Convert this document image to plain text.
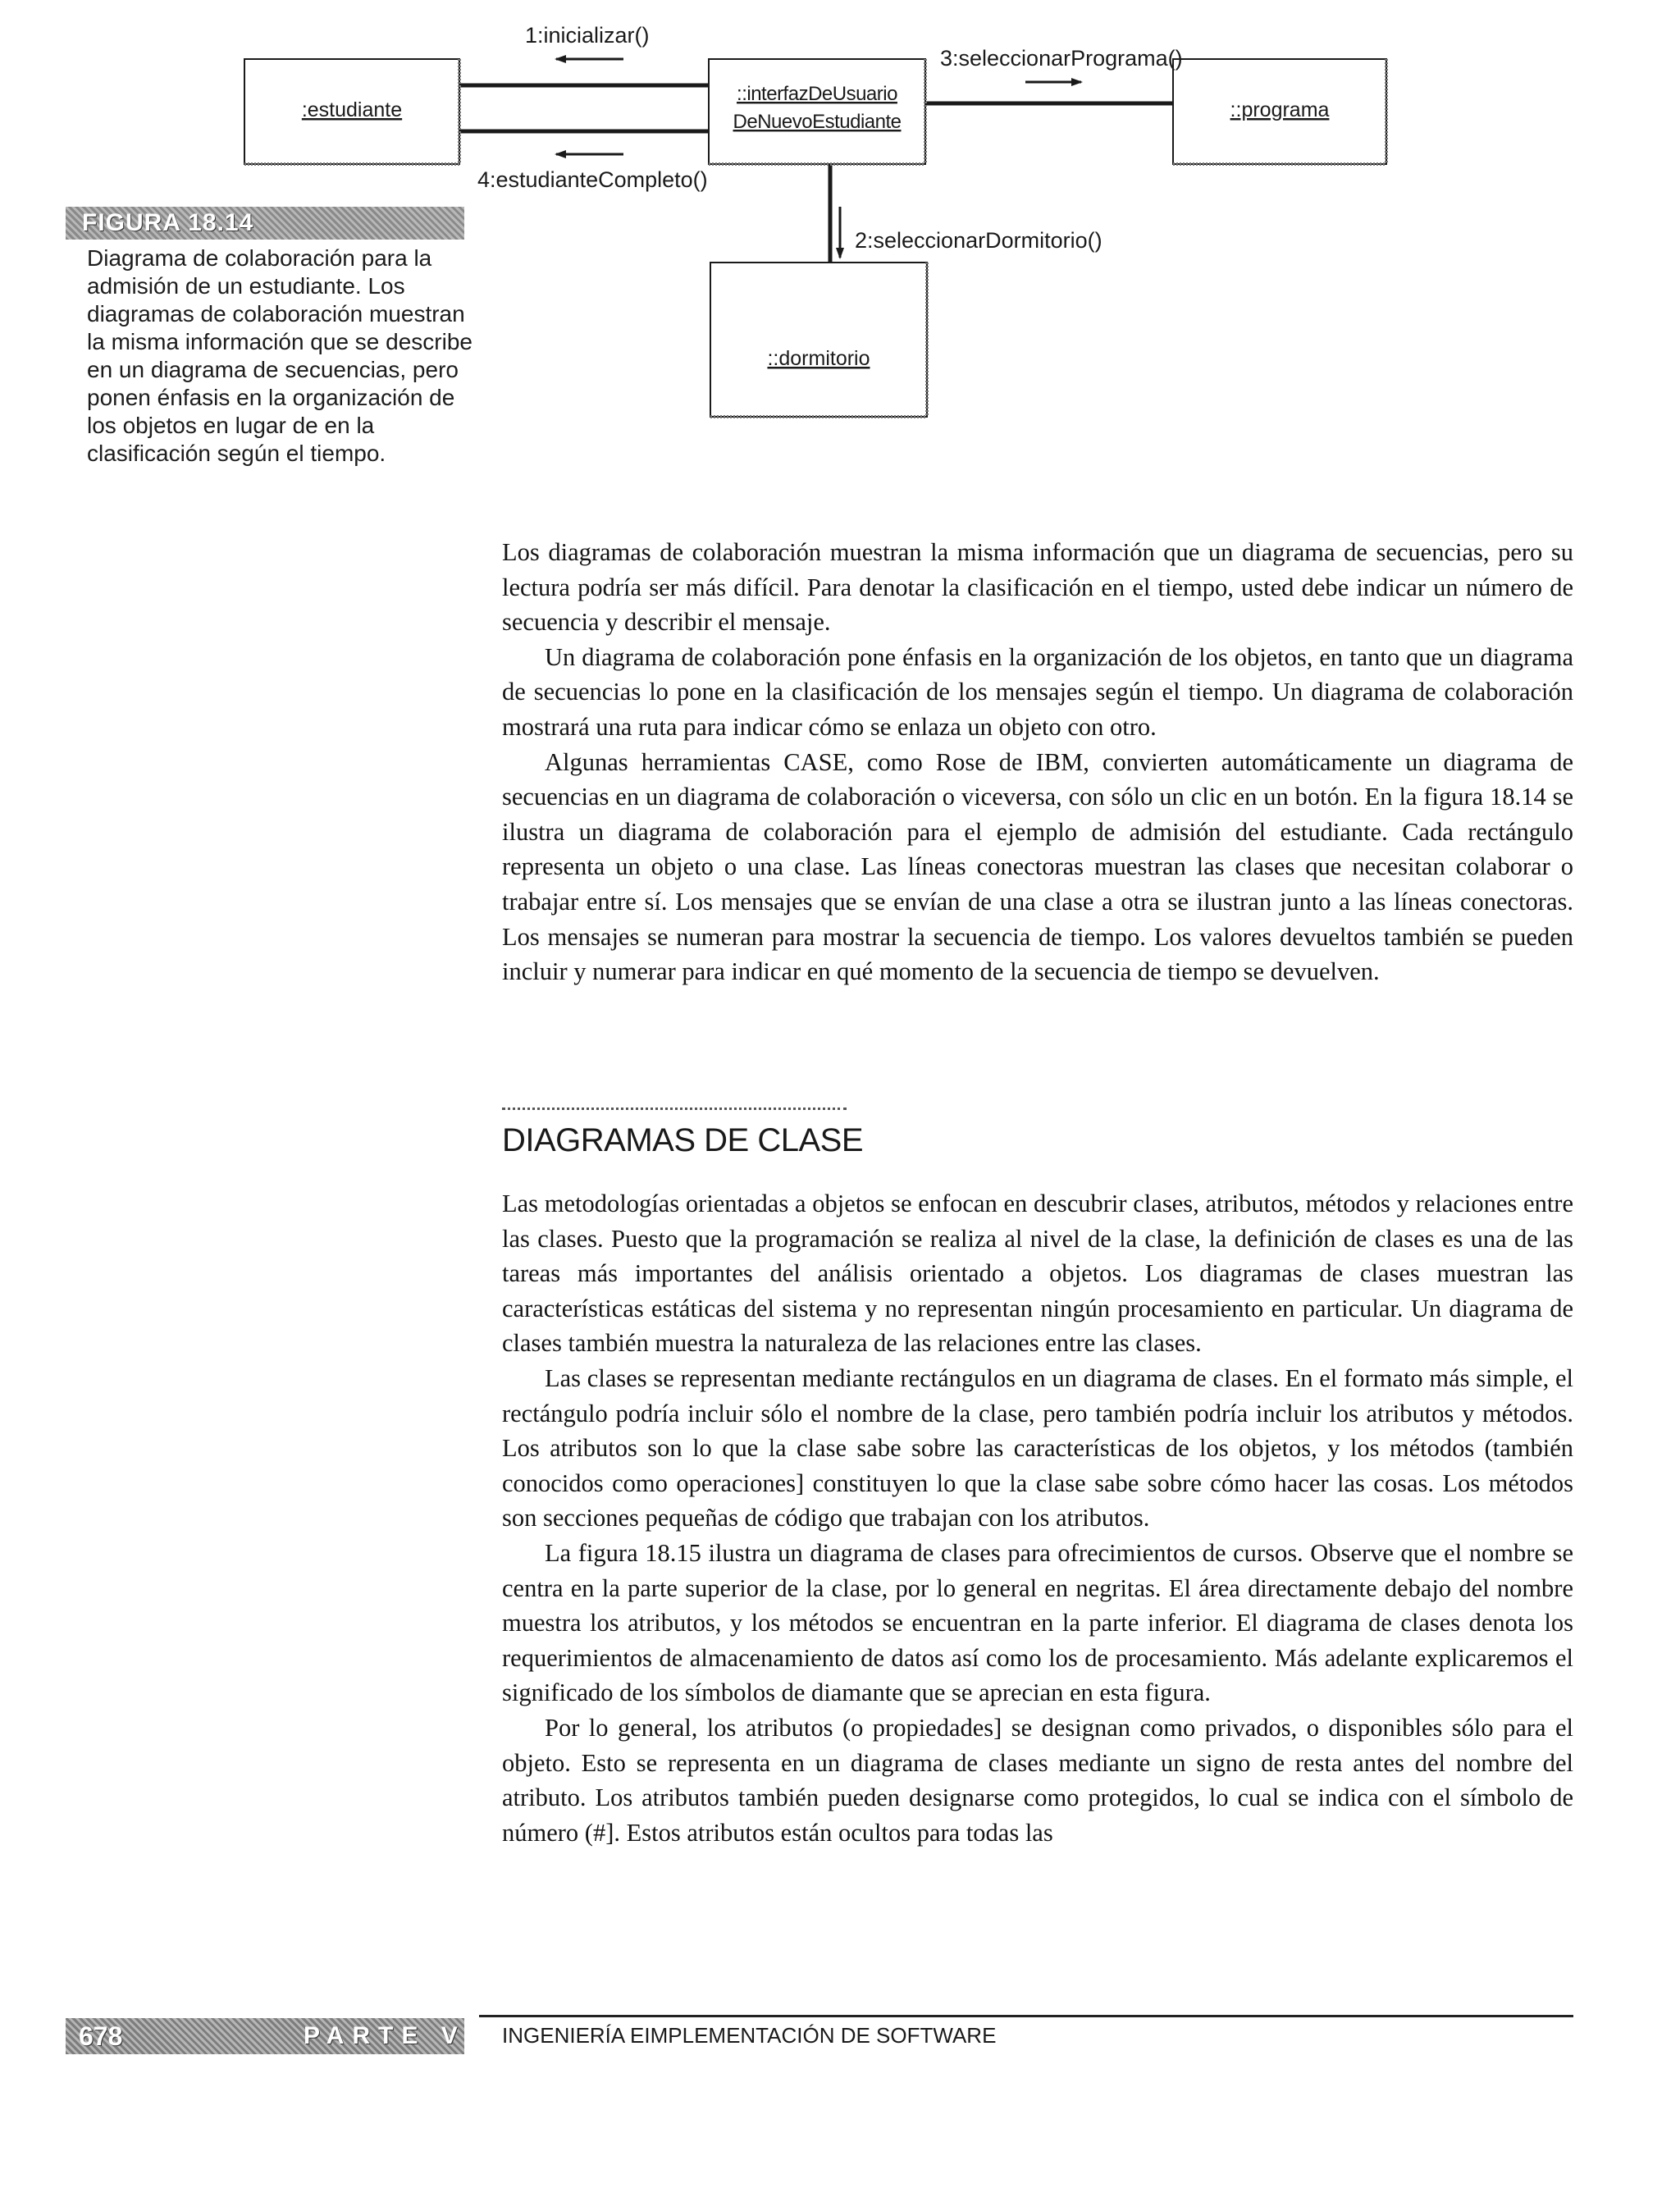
:estudiante
::interfazDeUsuario
DeNuevoEstudiante
::programa
::dormitorio
1:inicializar()
4:estudianteCompleto()
3:seleccionarPrograma()
2:seleccionarDormitorio()
FIGURA 18.14
Diagrama de colaboración para la admisión de un estudiante. Los diagramas de colaboración muestran la misma información que se describe en un diagrama de secuencias, pero ponen énfasis en la organización de los objetos en lugar de en la clasificación según el tiempo.

Los diagramas de colaboración muestran la misma información que un diagrama de secuencias, pero su lectura podría ser más difícil. Para denotar la clasificación en el tiempo, usted debe indicar un número de secuencia y describir el mensaje.

Un diagrama de colaboración pone énfasis en la organización de los objetos, en tanto que un diagrama de secuencias lo pone en la clasificación de los mensajes según el tiempo. Un diagrama de colaboración mostrará una ruta para indicar cómo se enlaza un objeto con otro.

Algunas herramientas CASE, como Rose de IBM, convierten automáticamente un diagrama de secuencias en un diagrama de colaboración o viceversa, con sólo un clic en un botón. En la figura 18.14 se ilustra un diagrama de colaboración para el ejemplo de admisión del estudiante. Cada rectángulo representa un objeto o una clase. Las líneas conectoras muestran las clases que necesitan colaborar o trabajar entre sí. Los mensajes que se envían de una clase a otra se ilustran junto a las líneas conectoras. Los mensajes se numeran para mostrar la secuencia de tiempo. Los valores devueltos también se pueden incluir y numerar para indicar en qué momento de la secuencia de tiempo se devuelven.

DIAGRAMAS DE CLASE

Las metodologías orientadas a objetos se enfocan en descubrir clases, atributos, métodos y relaciones entre las clases. Puesto que la programación se realiza al nivel de la clase, la definición de clases es una de las tareas más importantes del análisis orientado a objetos. Los diagramas de clases muestran las características estáticas del sistema y no representan ningún procesamiento en particular. Un diagrama de clases también muestra la naturaleza de las relaciones entre las clases.

Las clases se representan mediante rectángulos en un diagrama de clases. En el formato más simple, el rectángulo podría incluir sólo el nombre de la clase, pero también podría incluir los atributos y métodos. Los atributos son lo que la clase sabe sobre las características de los objetos, y los métodos (también conocidos como operaciones] constituyen lo que la clase sabe sobre cómo hacer las cosas. Los métodos son secciones pequeñas de código que trabajan con los atributos.

La figura 18.15 ilustra un diagrama de clases para ofrecimientos de cursos. Observe que el nombre se centra en la parte superior de la clase, por lo general en negritas. El área directamente debajo del nombre muestra los atributos, y los métodos se encuentran en la parte inferior. El diagrama de clases denota los requerimientos de almacenamiento de datos así como los de procesamiento. Más adelante explicaremos el significado de los símbolos de diamante que se aprecian en esta figura.

Por lo general, los atributos (o propiedades] se designan como privados, o disponibles sólo para el objeto. Esto se representa en un diagrama de clases mediante un signo de resta antes del nombre del atributo. Los atributos también pueden designarse como protegidos, lo cual se indica con el símbolo de número (#]. Estos atributos están ocultos para todas las

678	PARTE V INGENIERÍA EIMPLEMENTACIÓN DE SOFTWARE
